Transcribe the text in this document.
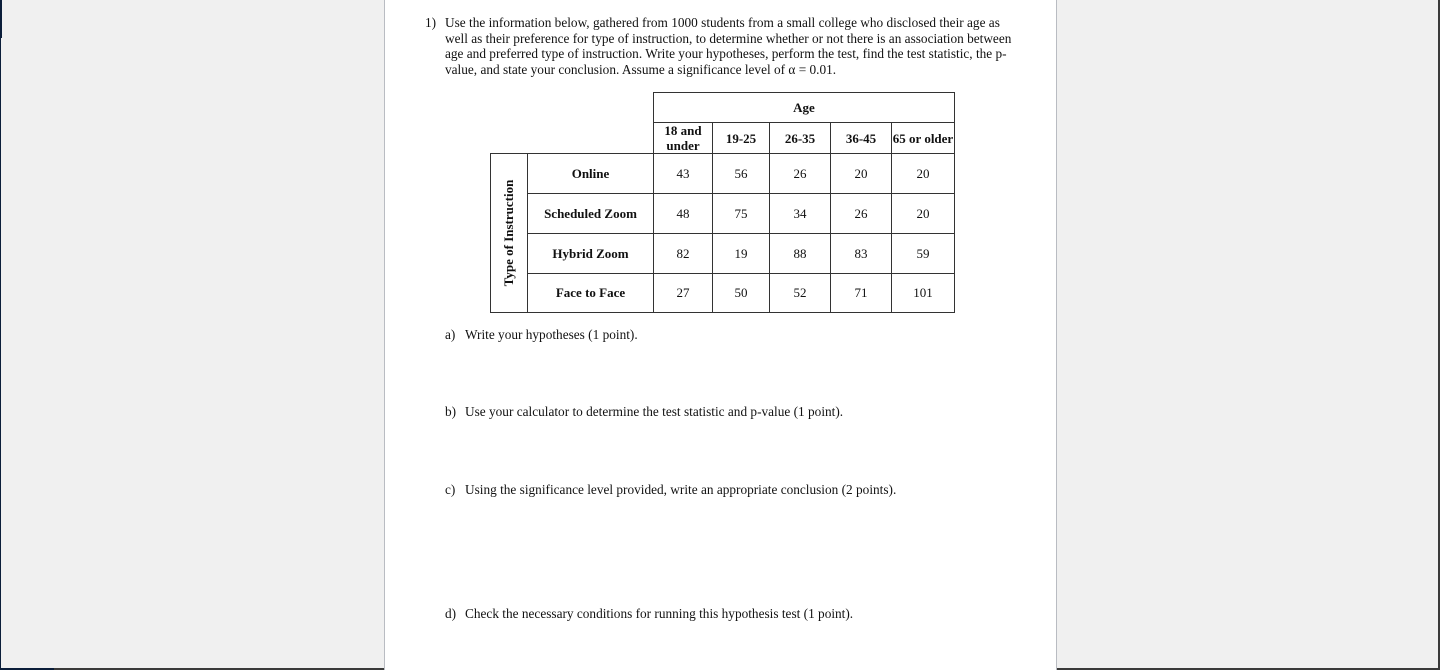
1) Use the information below, gathered from 1000 students from a small college who disclosed their age as well as their preference for type of instruction, to determine whether or not there is an association between age and preferred type of instruction. Write your hypotheses, perform the test, find the test statistic, the p-value, and state your conclusion. Assume a significance level of α = 0.01.
		Age				
		18 and under	19-25	26-35	36-45	65 or older

Type of Instruction	Online	43	56	26	20	20
	Scheduled Zoom	48	75	34	26	20
	Hybrid Zoom	82	19	88	83	59
	Face to Face	27	50	52	71	101
a) Write your hypotheses (1 point).
b) Use your calculator to determine the test statistic and p-value (1 point).
c) Using the significance level provided, write an appropriate conclusion (2 points).
d) Check the necessary conditions for running this hypothesis test (1 point).
